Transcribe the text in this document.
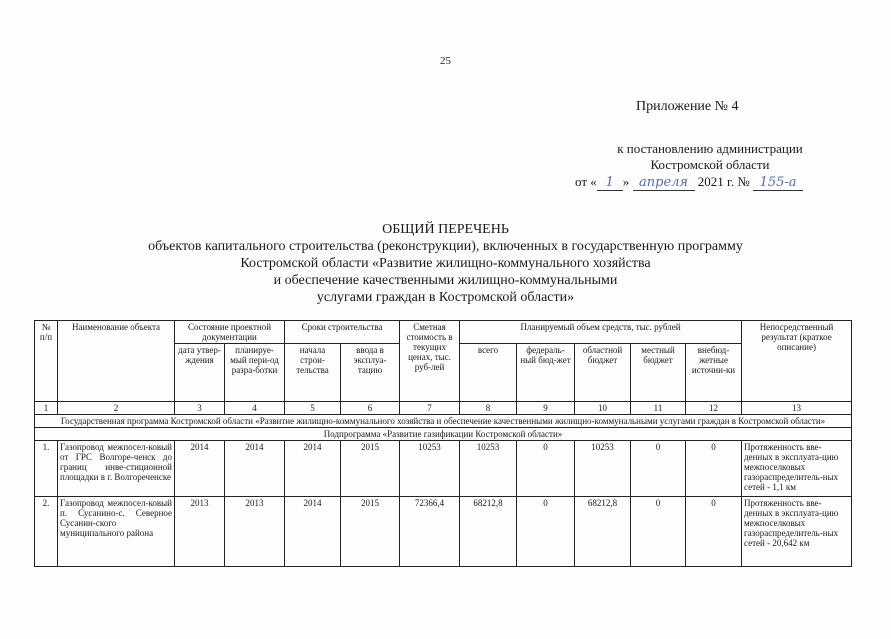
25
Приложение № 4
к постановлению администрации
Костромской области
от « 1 » апреля 2021 г. № 155-а
ОБЩИЙ ПЕРЕЧЕНЬ
объектов капитального строительства (реконструкции), включенных в государственную программу
Костромской области «Развитие жилищно-коммунального хозяйства
и обеспечение качественными жилищно-коммунальными
услугами граждан в Костромской области»
№ п/п	Наименование объекта	Состояние проектной документации		Сроки строительства		Сметная стоимость в текущих ценах, тыс. руб-лей	Планируемый объем средств, тыс. рублей					Непосредственный результат (краткое описание)
		дата утвер-ждения	планируе-мый пери-од разра-ботки	начала строи-тельства	ввода в эксплуа-тацию		всего	федераль-ный бюд-жет	областной бюджет	местный бюджет	внебюд-жетные источни-ки	
1	2	3	4	5	6	7	8	9	10	11	12	13
Государственная программа Костромской области «Развитие жилищно-коммунального хозяйства и обеспечение качественными жилищно-коммунальными услугами граждан в Костромской области»												
Подпрограмма «Развитие газификации Костромской области»												
1.	Газопровод межпосел-ковый от ГРС Волгоре-ченск до границ инве-стиционной площадки в г. Волгореченске	2014	2014	2014	2015	10253	10253	0	10253	0	0	Протяженность вве-денных в эксплуата-цию межпоселковых газораспределитель-ных сетей - 1,1 км
2.	Газопровод межпосел-ковый п. Сусанино-с. Северное Сусанин-ского муниципального района	2013	2013	2014	2015	72366,4	68212,8	0	68212,8	0	0	Протяженность вве-денных в эксплуата-цию межпоселковых газораспределитель-ных сетей - 20,642 км
